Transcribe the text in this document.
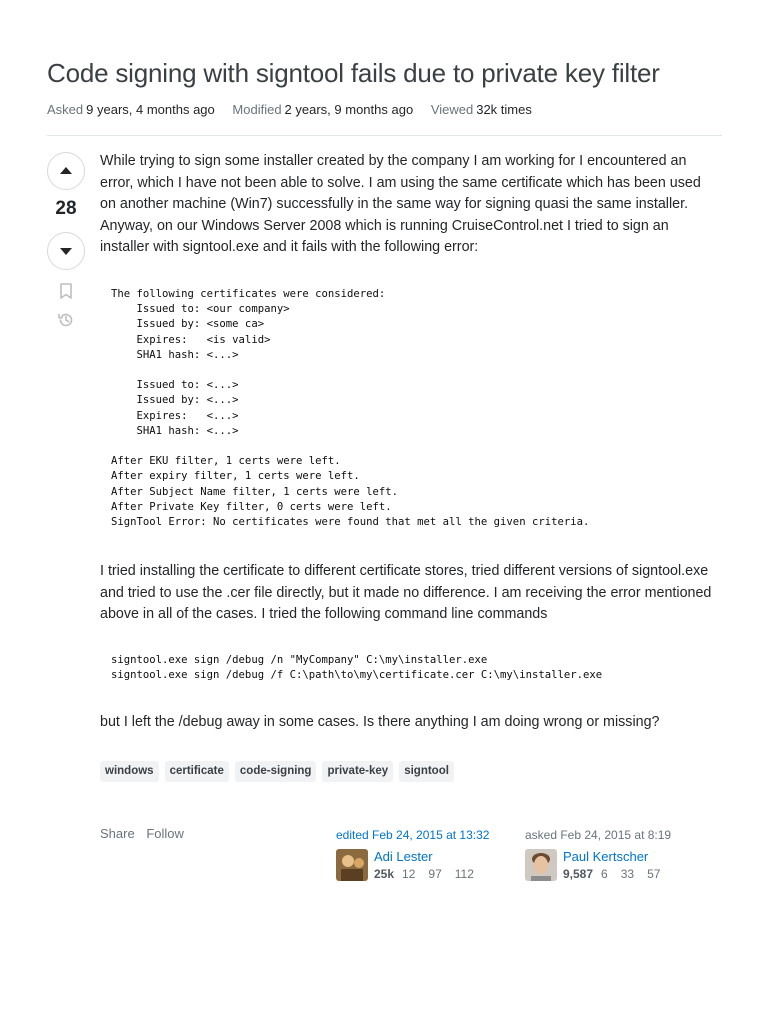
Code signing with signtool fails due to private key filter
Asked 9 years, 4 months ago Modified 2 years, 9 months ago Viewed 32k times
28

While trying to sign some installer created by the company I am working for I encountered an error, which I have not been able to solve. I am using the same certificate which has been used on another machine (Win7) successfully in the same way for signing quasi the same installer. Anyway, on our Windows Server 2008 which is running CruiseControl.net I tried to sign an installer with signtool.exe and it fails with the following error:

The following certificates were considered:
Issued to: <our company>
Issued by: <some ca>
Expires:   <is valid>
SHA1 hash: <...>

Issued to: <...>
Issued by: <...>
Expires:   <...>
SHA1 hash: <...>

After EKU filter, 1 certs were left.
After expiry filter, 1 certs were left.
After Subject Name filter, 1 certs were left.
After Private Key filter, 0 certs were left.
SignTool Error: No certificates were found that met all the given criteria.

I tried installing the certificate to different certificate stores, tried different versions of signtool.exe and tried to use the .cer file directly, but it made no difference. I am receiving the error mentioned above in all of the cases. I tried the following command line commands

signtool.exe sign /debug /n "MyCompany" C:\my\installer.exe
signtool.exe sign /debug /f C:\path\to\my\certificate.cer C:\my\installer.exe

but I left the /debug away in some cases. Is there anything I am doing wrong or missing?

windows	certificate	code-signing	private-key	signtool
Share Follow	edited Feb 24, 2015 at 13:32
Adi Lester
25k 12 97 112
asked Feb 24, 2015 at 8:19
Paul Kertscher
9,587 6 33 57
